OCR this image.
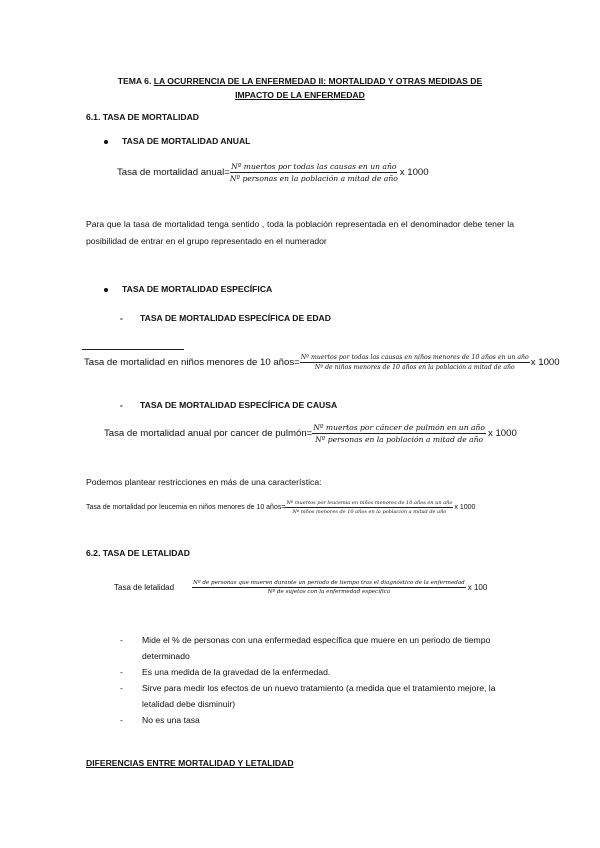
TEMA 6. LA OCURRENCIA DE LA ENFERMEDAD II: MORTALIDAD Y OTRAS MEDIDAS DE
IMPACTO DE LA ENFERMEDAD
6.1. TASA DE MORTALIDAD
TASA DE MORTALIDAD ANUAL
Tasa de mortalidad anual= $\frac{\text{Nº muertos por todas las causas en un año}}{\text{Nº personas en la población a mitad de año}}$ x 1000
Para que la tasa de mortalidad tenga sentido , toda la población representada en el denominador debe tener la posibilidad de entrar en el grupo representado en el numerador
TASA DE MORTALIDAD ESPECÍFICA
- TASA DE MORTALIDAD ESPECÍFICA DE EDAD
Tasa de mortalidad en niños menores de 10 años= Nº muertos por todas las causas en niños menores de 10 años en un año
Nº de niños menores de 10 años en la población a mitad de año x 1000
- TASA DE MORTALIDAD ESPECÍFICA DE CAUSA
Tasa de mortalidad anual por cancer de pulmón= $\frac{\text{Nº muertos por cáncer de pulmón en un año}}{\text{Nº personas en la población a mitad de año}}$ x 1000
Podemos plantear restricciones en más de una característica:
Tasa de mortalidad por leucemia en niños menores de 10 años=
Nº muertos por leucemia en niños menores de 10 años en un año
Nº niños menores de 10 años en la población a mitad de año
x 1000
6.2. TASA DE LETALIDAD
Tasa de letalidad	Nº de personas que mueren durante un periodo de tiempo tras el diagnóstico de la enfermedad
Nº de sujetos con la enfermedad específica	x 100
-	Mide el % de personas con una enfermedad específica que muere en un periodo de tiempo determinado
-	Es una medida de la gravedad de la enfermedad.
-	Sirve para medir los efectos de un nuevo tratamiento (a medida que el tratamiento mejore, la letalidad debe disminuir)
-	No es una tasa
DIFERENCIAS ENTRE MORTALIDAD Y LETALIDAD
